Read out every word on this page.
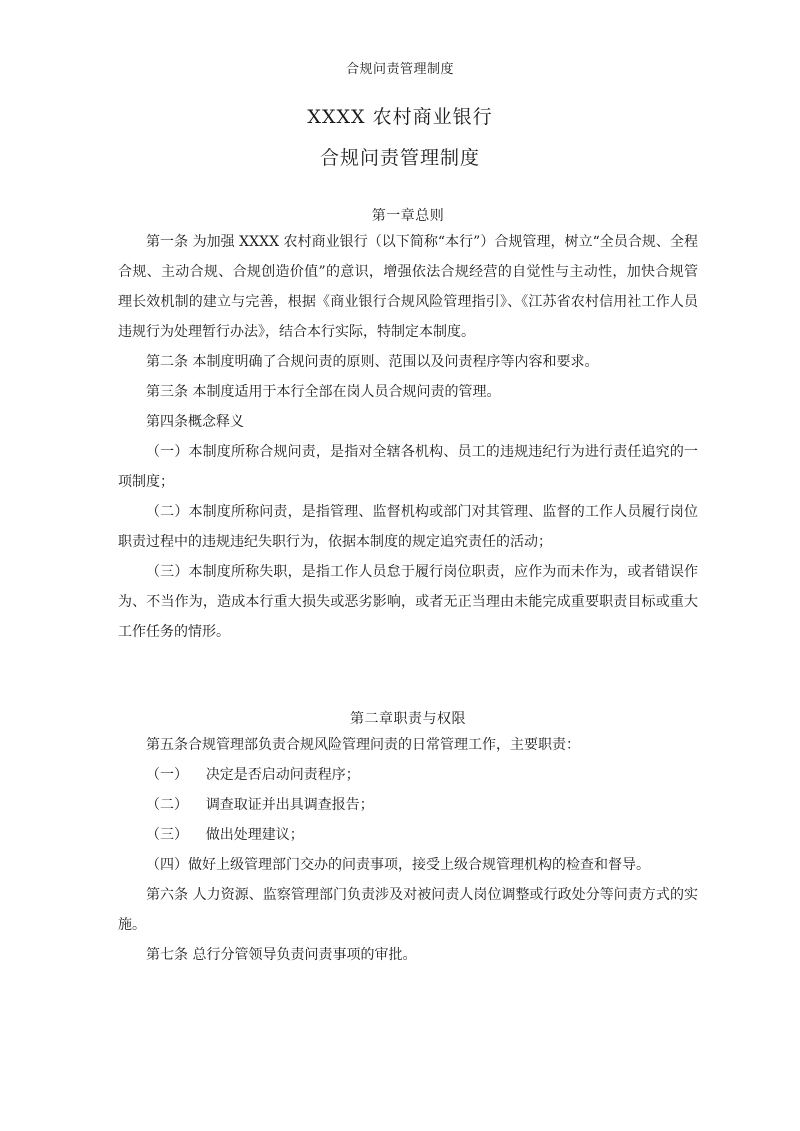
合规问责管理制度
XXXX 农村商业银行
合规问责管理制度
第一章总则

第一条 为加强 XXXX 农村商业银行（以下简称“本行”）合规管理，树立“全员合规、全程合规、主动合规、合规创造价值”的意识，增强依法合规经营的自觉性与主动性，加快合规管理长效机制的建立与完善，根据《商业银行合规风险管理指引》、《江苏省农村信用社工作人员违规行为处理暂行办法》，结合本行实际，特制定本制度。

第二条 本制度明确了合规问责的原则、范围以及问责程序等内容和要求。

第三条 本制度适用于本行全部在岗人员合规问责的管理。

第四条概念释义

（一）本制度所称合规问责，是指对全辖各机构、员工的违规违纪行为进行责任追究的一项制度；

（二）本制度所称问责，是指管理、监督机构或部门对其管理、监督的工作人员履行岗位职责过程中的违规违纪失职行为，依据本制度的规定追究责任的活动；

（三）本制度所称失职，是指工作人员怠于履行岗位职责，应作为而未作为，或者错误作为、不当作为，造成本行重大损失或恶劣影响，或者无正当理由未能完成重要职责目标或重大工作任务的情形。

第二章职责与权限

第五条合规管理部负责合规风险管理问责的日常管理工作，主要职责：

（一） 决定是否启动问责程序；
（二） 调查取证并出具调查报告；
（三） 做出处理建议；

（四）做好上级管理部门交办的问责事项，接受上级合规管理机构的检查和督导。

第六条 人力资源、监察管理部门负责涉及对被问责人岗位调整或行政处分等问责方式的实施。

第七条 总行分管领导负责问责事项的审批。
